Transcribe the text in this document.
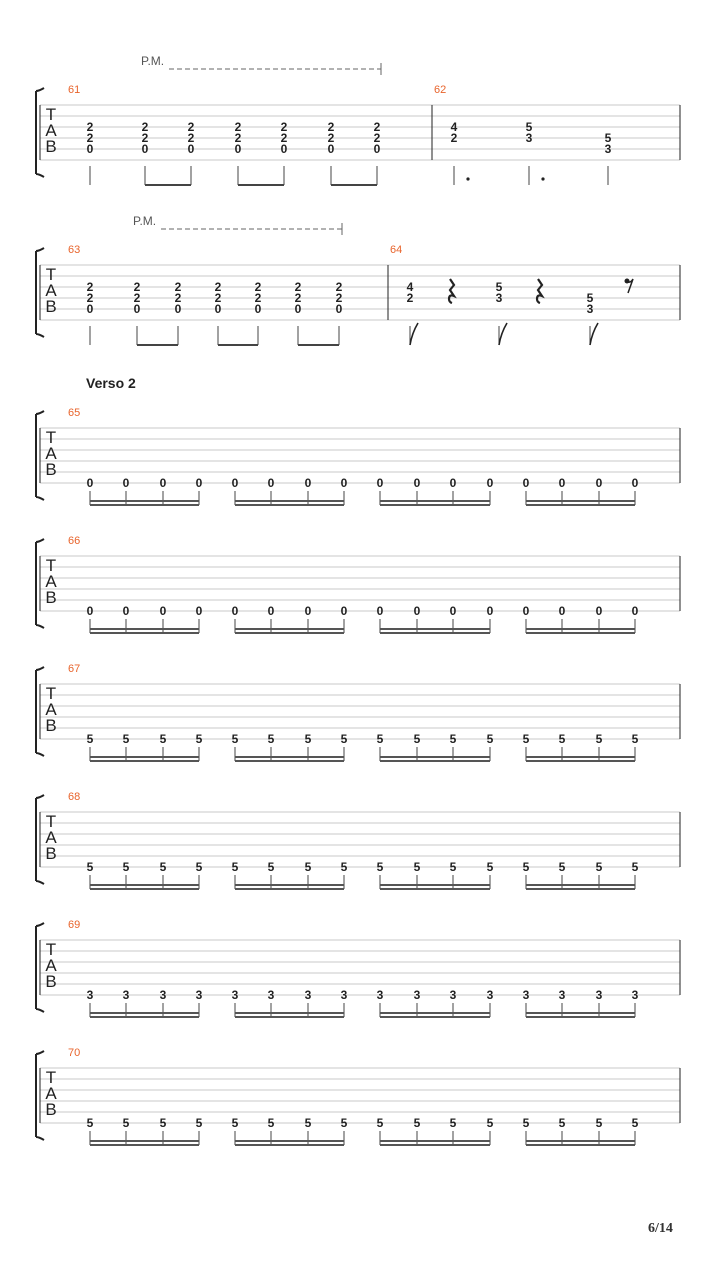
T
A
B
61	62
P.M.
2
2
0
2
2
0
2
2
0
2
2
0
2
2
0
2
2
0
2
2
0
4
2
5
3	5
3
T
A
B
63	64
P.M.
2
2
0
2
2
0
2
2
0
2
2
0
2
2
0
2
2
0
2
2
0
4
2
5
3	5
3
Verso 2
T
A
B
65
0 0	0 0 0 0	0 0 0	0 0	0 0 0	0 0
T
A
B
66
0 0	0 0 0 0	0 0 0	0 0	0 0 0	0 0
T
A
B
67
5 5	5 5 5 5	5 5 5	5 5	5 5 5	5 5
T
A
B
68
5 5	5 5 5 5	5 5 5	5 5	5 5 5	5 5
T
A
B
69
3 3	3 3 3 3	3 3 3	3 3	3 3 3	3 3
T
A
B
70
5 5	5 5 5 5	5 5 5	5 5	5 5 5	5 5
6/14
